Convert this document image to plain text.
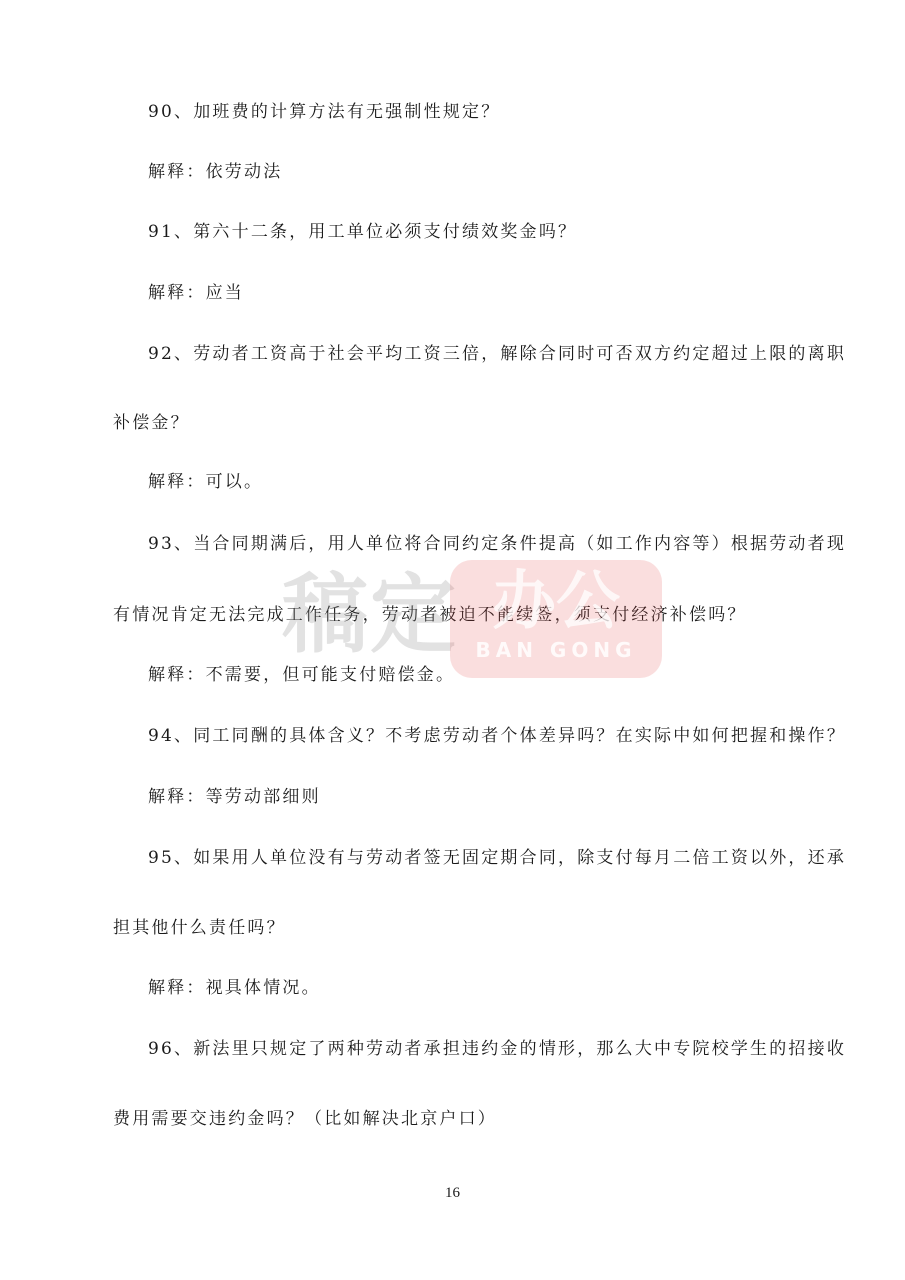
90、加班费的计算方法有无强制性规定？
解释：依劳动法
91、第六十二条，用工单位必须支付绩效奖金吗？
解释：应当
92、劳动者工资高于社会平均工资三倍，解除合同时可否双方约定超过上限的离职
补偿金？
解释：可以。
93、当合同期满后，用人单位将合同约定条件提高（如工作内容等）根据劳动者现
有情况肯定无法完成工作任务，劳动者被迫不能续签，须支付经济补偿吗？
解释：不需要，但可能支付赔偿金。
94、同工同酬的具体含义？不考虑劳动者个体差异吗？在实际中如何把握和操作？
解释：等劳动部细则
95、如果用人单位没有与劳动者签无固定期合同，除支付每月二倍工资以外，还承
担其他什么责任吗？
解释：视具体情况。
96、新法里只规定了两种劳动者承担违约金的情形，那么大中专院校学生的招接收
费用需要交违约金吗？（比如解决北京户口）
稿定 办公
BAN GONG
16
